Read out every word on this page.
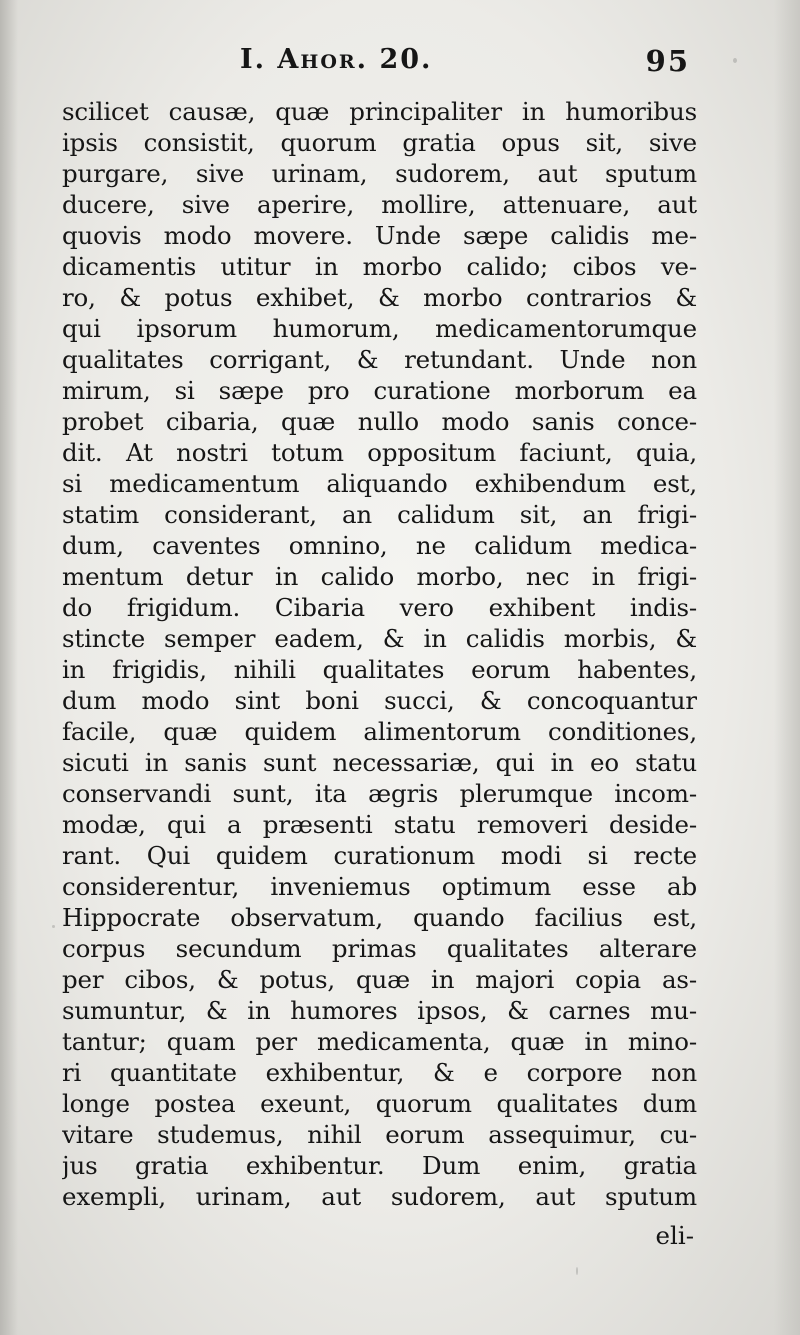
I. Ahor. 20.	95
scilicet causæ, quæ principaliter in humoribus
ipsis consistit, quorum gratia opus sit, sive
purgare, sive urinam, sudorem, aut sputum
ducere, sive aperire, mollire, attenuare, aut
quovis modo movere. Unde sæpe calidis me-
dicamentis utitur in morbo calido; cibos ve-
ro, & potus exhibet, & morbo contrarios &
qui ipsorum humorum, medicamentorumque
qualitates corrigant, & retundant. Unde non
mirum, si sæpe pro curatione morborum ea
probet cibaria, quæ nullo modo sanis conce-
dit. At nostri totum oppositum faciunt, quia,
si medicamentum aliquando exhibendum est,
statim considerant, an calidum sit, an frigi-
dum, caventes omnino, ne calidum medica-
mentum detur in calido morbo, nec in frigi-
do frigidum. Cibaria vero exhibent indis-
stincte semper eadem, & in calidis morbis, &
in frigidis, nihili qualitates eorum habentes,
dum modo sint boni succi, & concoquantur
facile, quæ quidem alimentorum conditiones,
sicuti in sanis sunt necessariæ, qui in eo statu
conservandi sunt, ita ægris plerumque incom-
modæ, qui a præsenti statu removeri deside-
rant. Qui quidem curationum modi si recte
considerentur, inveniemus optimum esse ab
Hippocrate observatum, quando facilius est,
corpus secundum primas qualitates alterare
per cibos, & potus, quæ in majori copia as-
sumuntur, & in humores ipsos, & carnes mu-
tantur; quam per medicamenta, quæ in mino-
ri quantitate exhibentur, & e corpore non
longe postea exeunt, quorum qualitates dum
vitare studemus, nihil eorum assequimur, cu-
jus gratia exhibentur. Dum enim, gratia
exempli, urinam, aut sudorem, aut sputum
eli-
